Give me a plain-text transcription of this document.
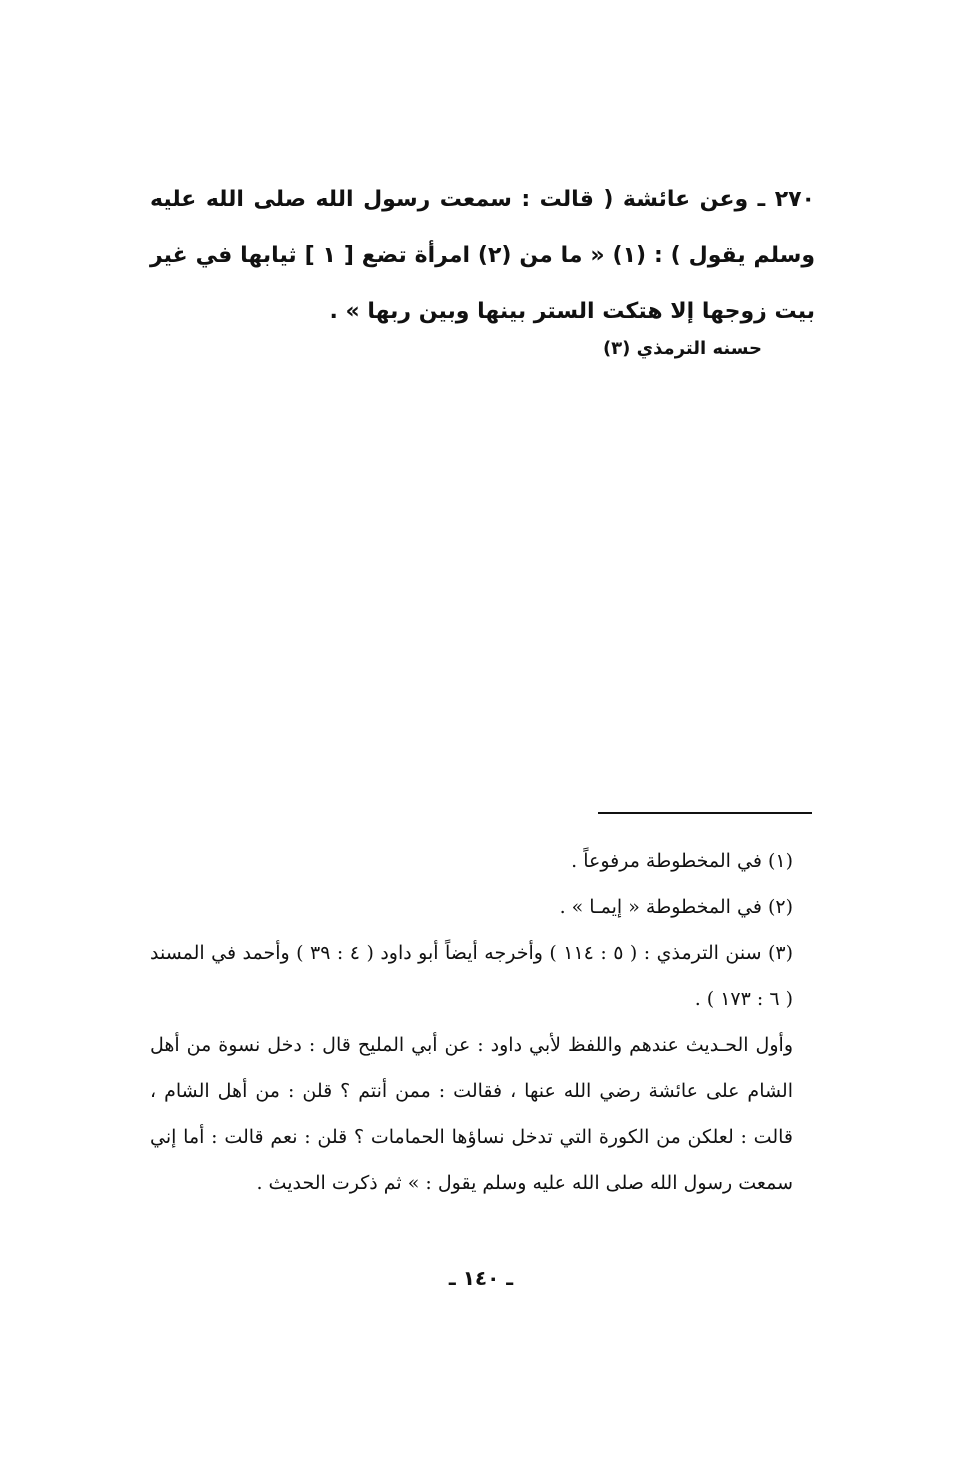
٢٧٠ ـ وعن عائشة ( قالت : سمعت رسول الله صلى الله عليه وسلم يقول ) : (١) « ما من (٢) امرأة تضع [ ١ ] ثيابها في غير بيت زوجها إلا هتكت الستر بينها وبين ربها » .
حسنه الترمذي (٣)

(١) في المخطوطة مرفوعاً .

(٢) في المخطوطة « إيمـا » .

(٣) سنن الترمذي : ( ٥ : ١١٤ ) وأخرجه أيضاً أبو داود ( ٤ : ٣٩ ) وأحمد في المسند ( ٦ : ١٧٣ ) .

وأول الحـديث عندهم واللفظ لأبي داود : عن أبي المليح قال : دخل نسوة من أهل الشام على عائشة رضي الله عنها ، فقالت : ممن أنتم ؟ قلن : من أهل الشام ، قالت : لعلكن من الكورة التي تدخل نساؤها الحمامات ؟ قلن : نعم قالت : أما إني سمعت رسول الله صلى الله عليه وسلم يقول : » ثم ذكرت الحديث .

ـ ١٤٠ ـ
